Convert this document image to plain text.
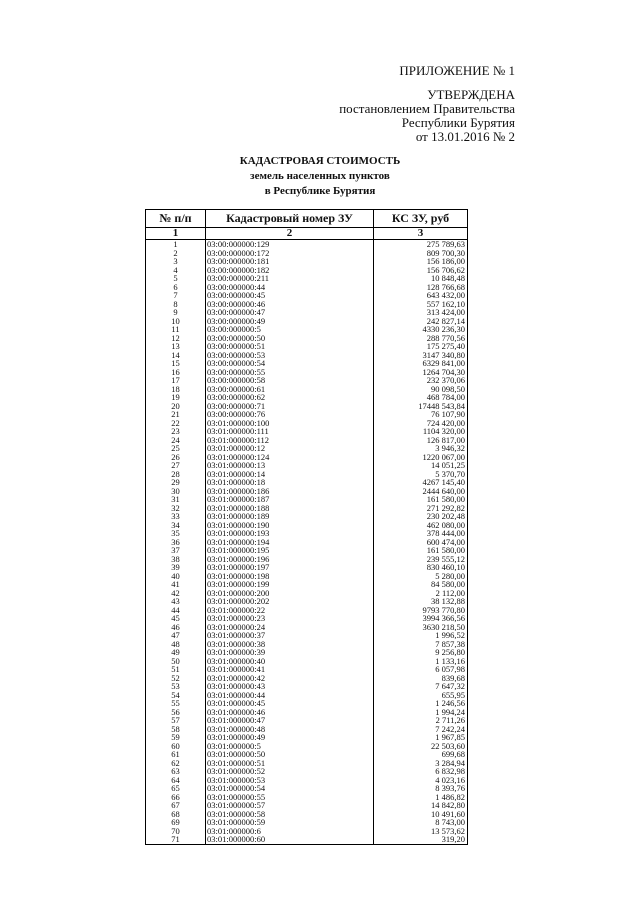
ПРИЛОЖЕНИЕ № 1
УТВЕРЖДЕНА
постановлением Правительства
Республики Бурятия
от 13.01.2016 № 2
КАДАСТРОВАЯ СТОИМОСТЬ
земель населенных пунктов
в Республике Бурятия
№ п/п	Кадастровый номер ЗУ	КС ЗУ, руб
1	2	3
1	03:00:000000:129	275 789,63
2	03:00:000000:172	809 700,30
3	03:00:000000:181	156 186,00
4	03:00:000000:182	156 706,62
5	03:00:000000:211	10 848,48
6	03:00:000000:44	128 766,68
7	03:00:000000:45	643 432,00
8	03:00:000000:46	557 162,10
9	03:00:000000:47	313 424,00
10	03:00:000000:49	242 827,14
11	03:00:000000:5	4330 236,30
12	03:00:000000:50	288 770,56
13	03:00:000000:51	175 275,40
14	03:00:000000:53	3147 340,80
15	03:00:000000:54	6329 841,00
16	03:00:000000:55	1264 704,30
17	03:00:000000:58	232 370,06
18	03:00:000000:61	90 098,50
19	03:00:000000:62	468 784,00
20	03:00:000000:71	17448 543,84
21	03:00:000000:76	76 107,90
22	03:01:000000:100	724 420,00
23	03:01:000000:111	1104 320,00
24	03:01:000000:112	126 817,00
25	03:01:000000:12	3 946,32
26	03:01:000000:124	1220 067,00
27	03:01:000000:13	14 051,25
28	03:01:000000:14	5 370,70
29	03:01:000000:18	4267 145,40
30	03:01:000000:186	2444 640,00
31	03:01:000000:187	161 580,00
32	03:01:000000:188	271 292,82
33	03:01:000000:189	230 202,48
34	03:01:000000:190	462 080,00
35	03:01:000000:193	378 444,00
36	03:01:000000:194	600 474,00
37	03:01:000000:195	161 580,00
38	03:01:000000:196	239 555,12
39	03:01:000000:197	830 460,10
40	03:01:000000:198	5 280,00
41	03:01:000000:199	84 580,00
42	03:01:000000:200	2 112,00
43	03:01:000000:202	38 132,88
44	03:01:000000:22	9793 770,80
45	03:01:000000:23	3994 366,56
46	03:01:000000:24	3630 218,50
47	03:01:000000:37	1 996,52
48	03:01:000000:38	7 857,38
49	03:01:000000:39	9 256,80
50	03:01:000000:40	1 133,16
51	03:01:000000:41	6 057,98
52	03:01:000000:42	839,68
53	03:01:000000:43	7 647,32
54	03:01:000000:44	655,95
55	03:01:000000:45	1 246,56
56	03:01:000000:46	1 994,24
57	03:01:000000:47	2 711,26
58	03:01:000000:48	7 242,24
59	03:01:000000:49	1 967,85
60	03:01:000000:5	22 503,60
61	03:01:000000:50	699,68
62	03:01:000000:51	3 284,94
63	03:01:000000:52	6 832,98
64	03:01:000000:53	4 023,16
65	03:01:000000:54	8 393,76
66	03:01:000000:55	1 486,82
67	03:01:000000:57	14 842,80
68	03:01:000000:58	10 491,60
69	03:01:000000:59	8 743,00
70	03:01:000000:6	13 573,62
71	03:01:000000:60	319,20
